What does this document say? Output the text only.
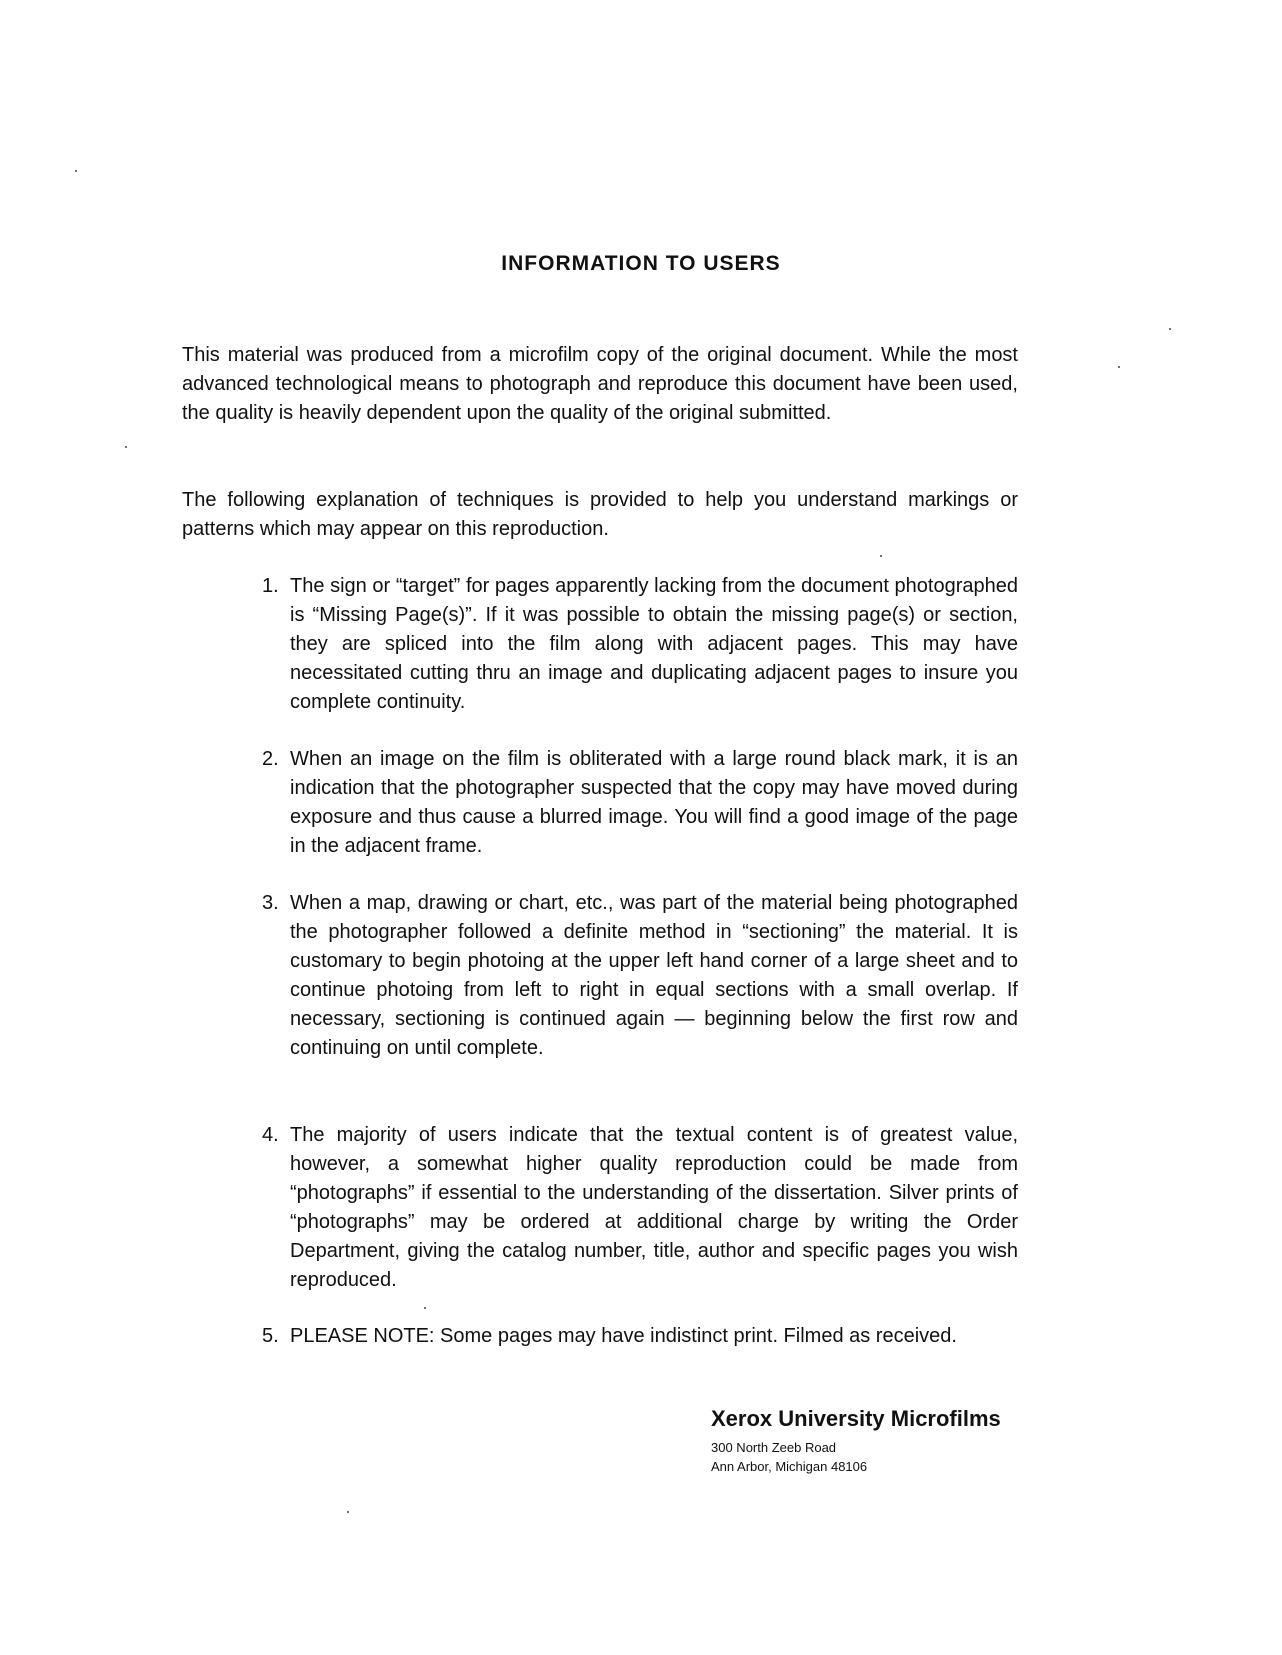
INFORMATION TO USERS

This material was produced from a microfilm copy of the original document. While the most advanced technological means to photograph and reproduce this document have been used, the quality is heavily dependent upon the quality of the original submitted.

The following explanation of techniques is provided to help you understand markings or patterns which may appear on this reproduction.

1. The sign or “target” for pages apparently lacking from the document photographed is “Missing Page(s)”. If it was possible to obtain the missing page(s) or section, they are spliced into the film along with adjacent pages. This may have necessitated cutting thru an image and duplicating adjacent pages to insure you complete continuity.
2. When an image on the film is obliterated with a large round black mark, it is an indication that the photographer suspected that the copy may have moved during exposure and thus cause a blurred image. You will find a good image of the page in the adjacent frame.
3. When a map, drawing or chart, etc., was part of the material being photographed the photographer followed a definite method in “sectioning” the material. It is customary to begin photoing at the upper left hand corner of a large sheet and to continue photoing from left to right in equal sections with a small overlap. If necessary, sectioning is continued again — beginning below the first row and continuing on until complete.
4. The majority of users indicate that the textual content is of greatest value, however, a somewhat higher quality reproduction could be made from “photographs” if essential to the understanding of the dissertation. Silver prints of “photographs” may be ordered at additional charge by writing the Order Department, giving the catalog number, title, author and specific pages you wish reproduced.
5. PLEASE NOTE: Some pages may have indistinct print. Filmed as received.

Xerox University Microfilms

300 North Zeeb Road

Ann Arbor, Michigan 48106
